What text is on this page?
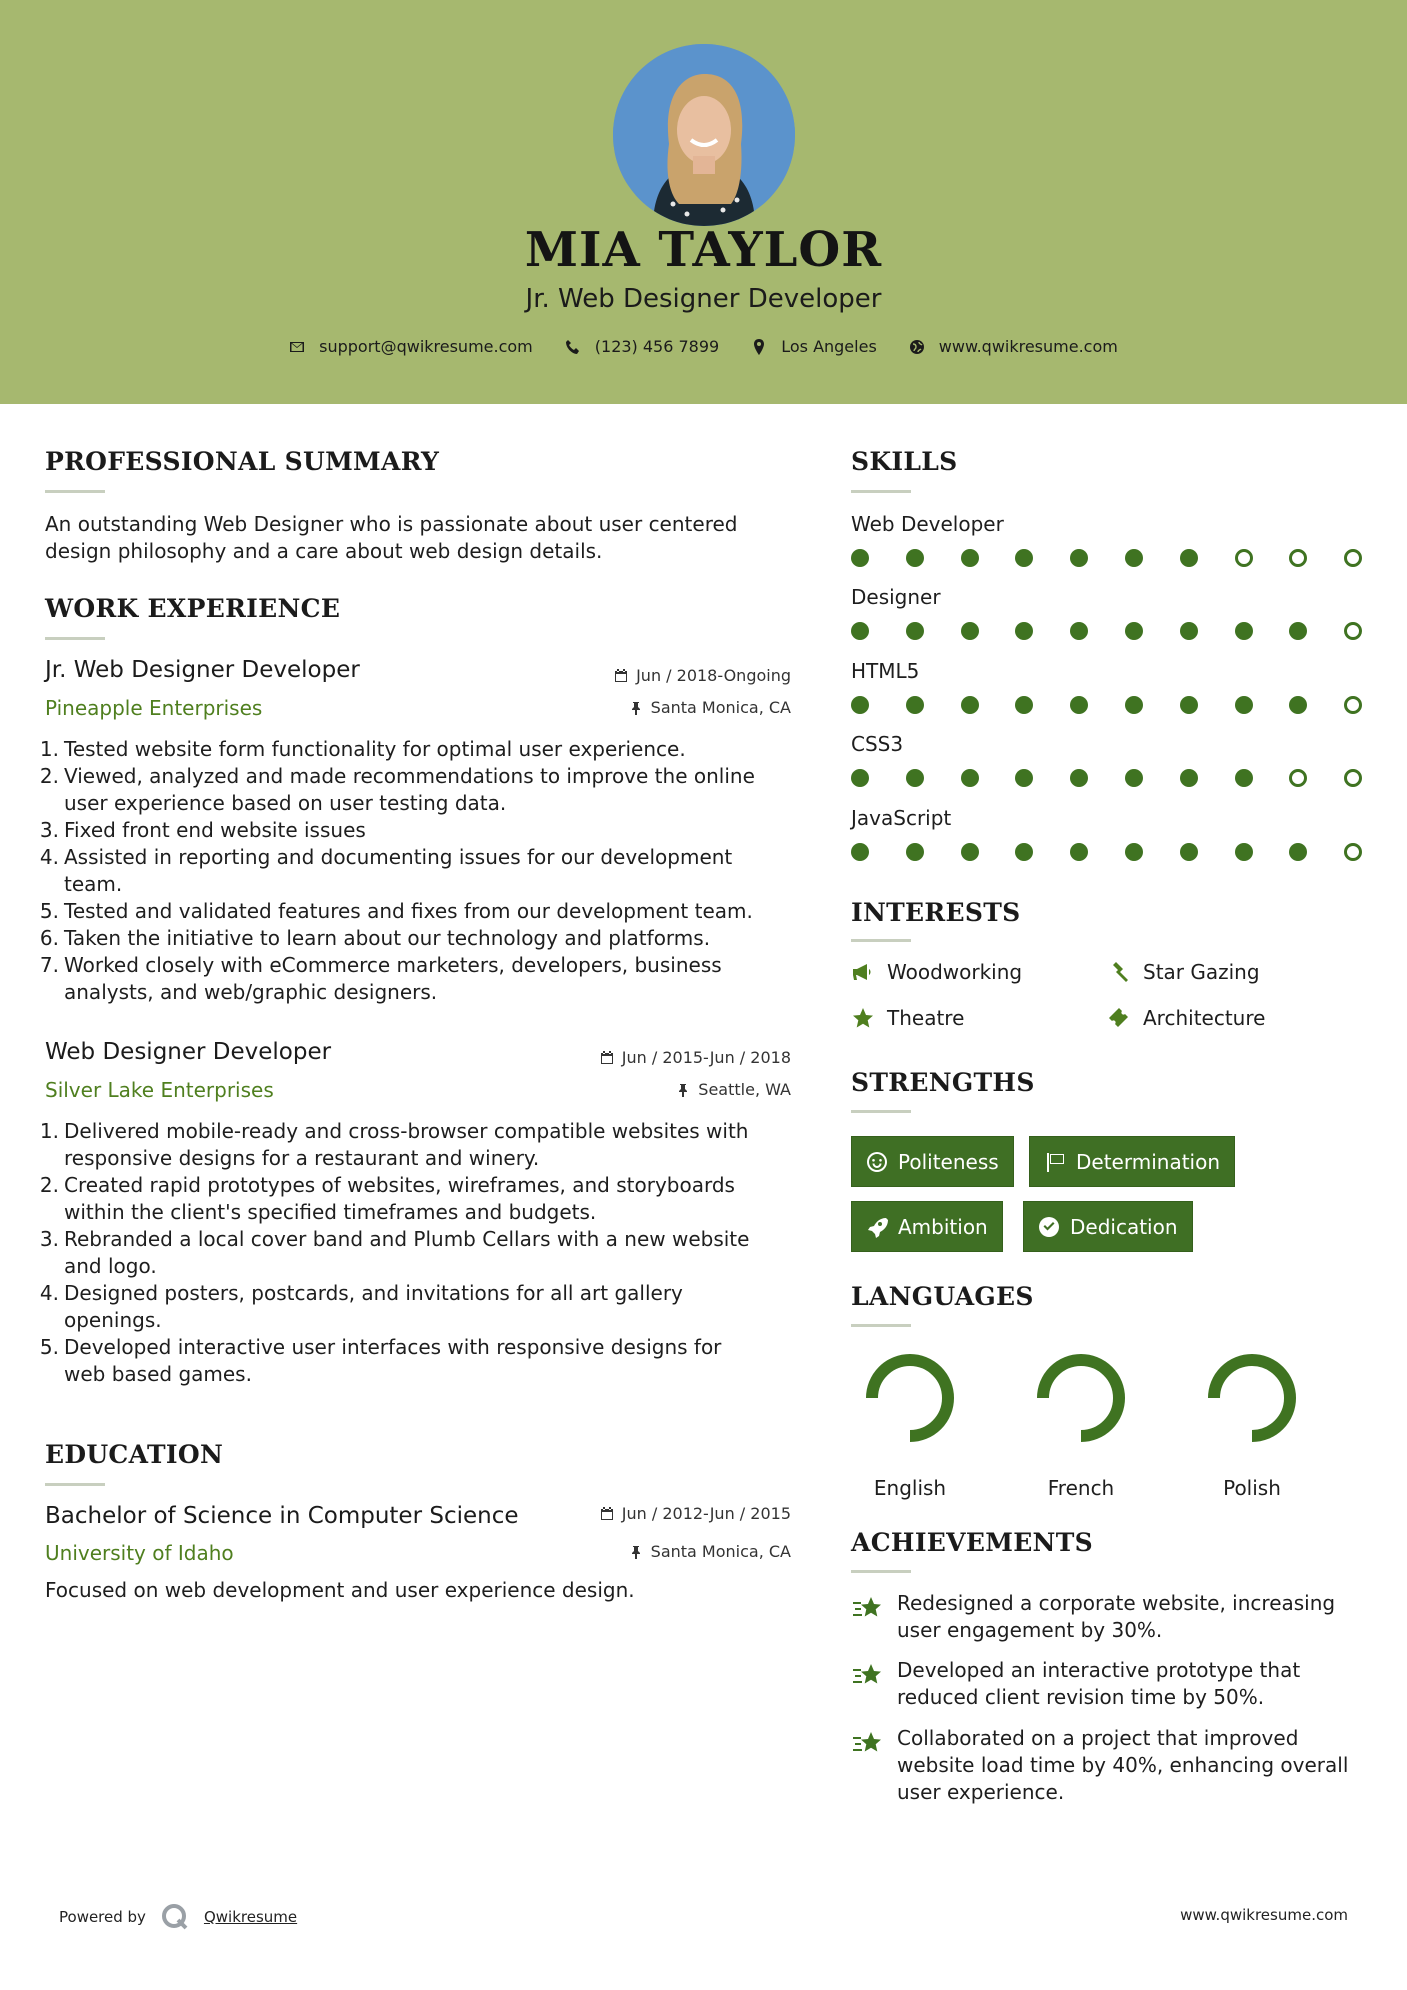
MIA TAYLOR
Jr. Web Designer Developer
support@qwikresume.com	(123) 456 7899	Los Angeles	www.qwikresume.com
PROFESSIONAL SUMMARY
An outstanding Web Designer who is passionate about user centered
design philosophy and a care about web design details.
WORK EXPERIENCE
Jr. Web Designer Developer	Jun / 2018-Ongoing
Pineapple Enterprises	Santa Monica, CA
1. Tested website form functionality for optimal user experience.
2. Viewed, analyzed and made recommendations to improve the online
user experience based on user testing data.
3. Fixed front end website issues
4. Assisted in reporting and documenting issues for our development
team.
5. Tested and validated features and fixes from our development team.
6. Taken the initiative to learn about our technology and platforms.
7. Worked closely with eCommerce marketers, developers, business
analysts, and web/graphic designers.
Web Designer Developer	Jun / 2015-Jun / 2018
Silver Lake Enterprises	Seattle, WA
1. Delivered mobile-ready and cross-browser compatible websites with
responsive designs for a restaurant and winery.
2. Created rapid prototypes of websites, wireframes, and storyboards
within the client's specified timeframes and budgets.
3. Rebranded a local cover band and Plumb Cellars with a new website
and logo.
4. Designed posters, postcards, and invitations for all art gallery
openings.
5. Developed interactive user interfaces with responsive designs for
web based games.
EDUCATION
Bachelor of Science in Computer Science	Jun / 2012-Jun / 2015
University of Idaho	Santa Monica, CA
Focused on web development and user experience design.
SKILLS
Web Developer
Designer
HTML5
CSS3
JavaScript
INTERESTS
Woodworking	Star Gazing
Theatre	Architecture
STRENGTHS
Politeness	Determination
Ambition	Dedication
LANGUAGES
English	French	Polish
ACHIEVEMENTS
Redesigned a corporate website, increasing
user engagement by 30%.
Developed an interactive prototype that
reduced client revision time by 50%.
Collaborated on a project that improved
website load time by 40%, enhancing overall
user experience.
Powered by	Qwikresume	www.qwikresume.com
